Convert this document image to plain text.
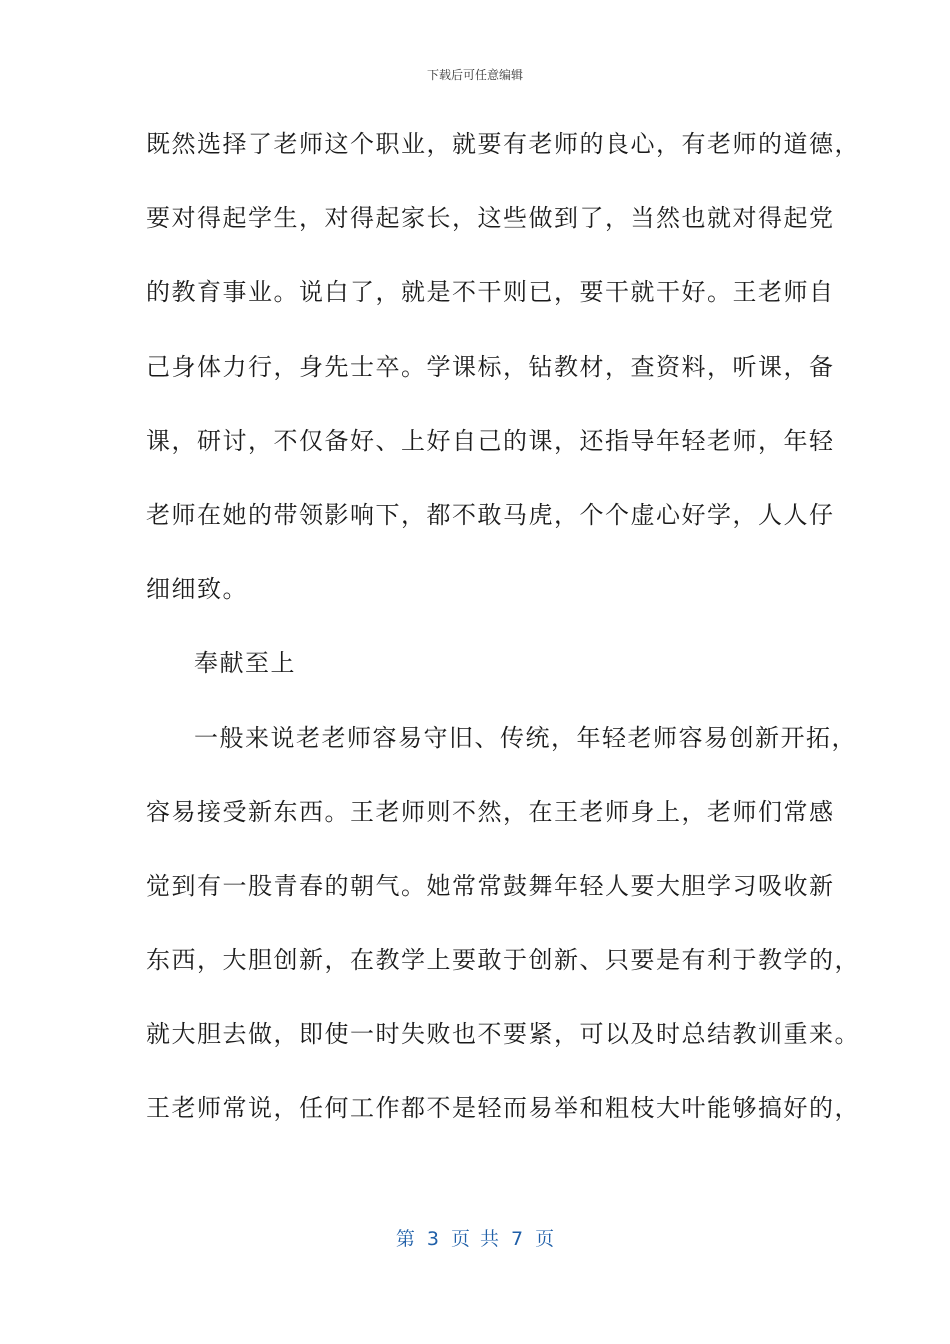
下载后可任意编辑
既然选择了老师这个职业，就要有老师的良心，有老师的道德，
要对得起学生，对得起家长，这些做到了，当然也就对得起党
的教育事业。说白了，就是不干则已，要干就干好。王老师自
己身体力行，身先士卒。学课标，钻教材，查资料，听课，备
课，研讨，不仅备好、上好自己的课，还指导年轻老师，年轻
老师在她的带领影响下，都不敢马虎，个个虚心好学，人人仔
细细致。
奉献至上
一般来说老老师容易守旧、传统，年轻老师容易创新开拓，
容易接受新东西。王老师则不然，在王老师身上，老师们常感
觉到有一股青春的朝气。她常常鼓舞年轻人要大胆学习吸收新
东西，大胆创新，在教学上要敢于创新、只要是有利于教学的，
就大胆去做，即使一时失败也不要紧，可以及时总结教训重来。
王老师常说，任何工作都不是轻而易举和粗枝大叶能够搞好的，
第 3 页 共 7 页
